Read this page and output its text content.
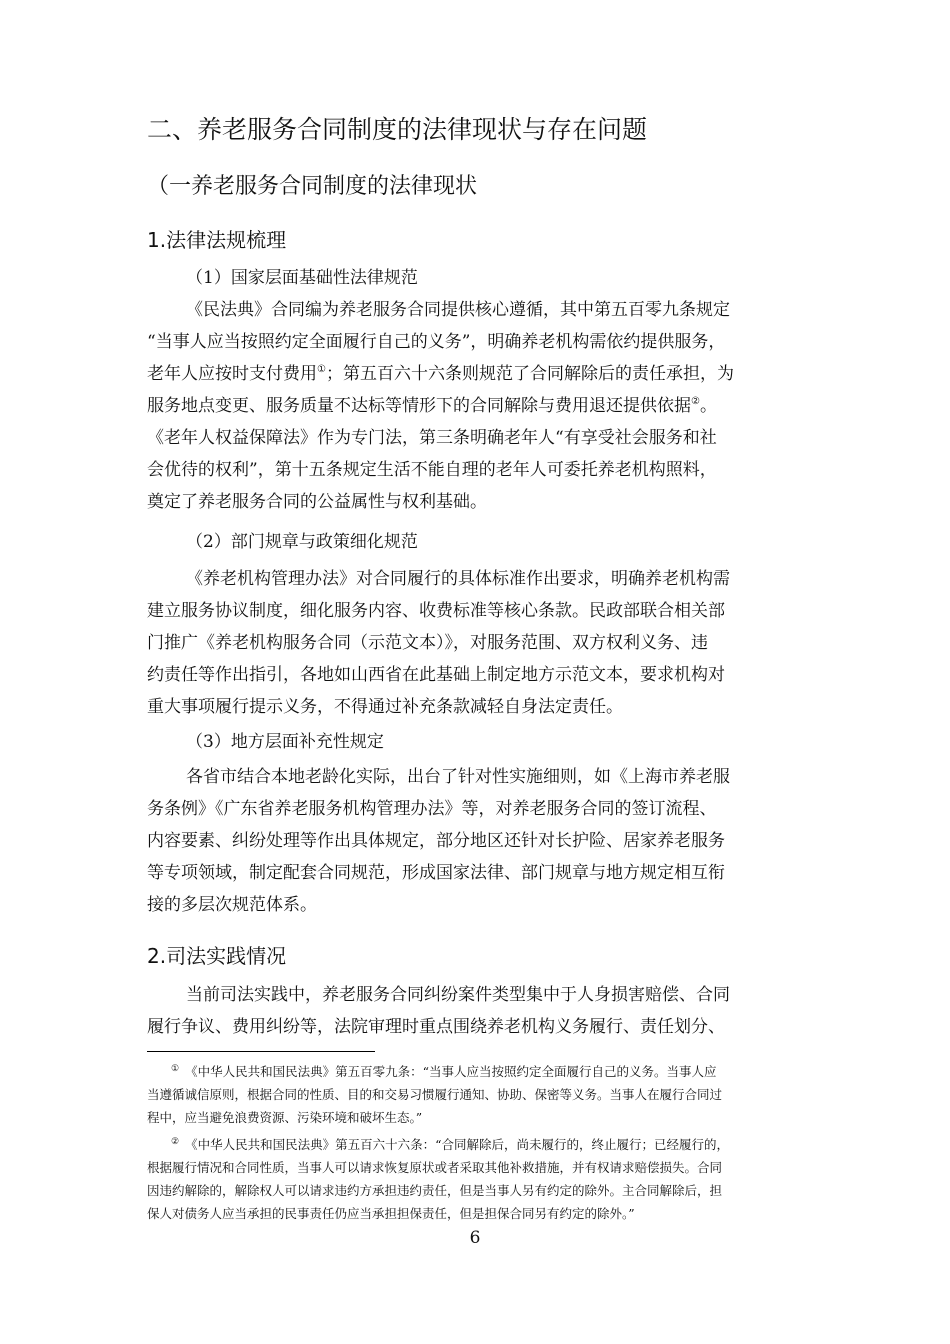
二、养老服务合同制度的法律现状与存在问题
（一养老服务合同制度的法律现状
1.法律法规梳理
（1）国家层面基础性法律规范
《民法典》合同编为养老服务合同提供核心遵循，其中第五百零九条规定
“当事人应当按照约定全面履行自己的义务”，明确养老机构需依约提供服务，
老年人应按时支付费用①；第五百六十六条则规范了合同解除后的责任承担，为
服务地点变更、服务质量不达标等情形下的合同解除与费用退还提供依据②。
《老年人权益保障法》作为专门法，第三条明确老年人“有享受社会服务和社
会优待的权利”，第十五条规定生活不能自理的老年人可委托养老机构照料，
奠定了养老服务合同的公益属性与权利基础。
（2）部门规章与政策细化规范
《养老机构管理办法》对合同履行的具体标准作出要求，明确养老机构需
建立服务协议制度，细化服务内容、收费标准等核心条款。民政部联合相关部
门推广《养老机构服务合同（示范文本）》，对服务范围、双方权利义务、违
约责任等作出指引，各地如山西省在此基础上制定地方示范文本，要求机构对
重大事项履行提示义务，不得通过补充条款减轻自身法定责任。
（3）地方层面补充性规定
各省市结合本地老龄化实际，出台了针对性实施细则，如《上海市养老服
务条例》《广东省养老服务机构管理办法》等，对养老服务合同的签订流程、
内容要素、纠纷处理等作出具体规定，部分地区还针对长护险、居家养老服务
等专项领域，制定配套合同规范，形成国家法律、部门规章与地方规定相互衔
接的多层次规范体系。
2.司法实践情况
当前司法实践中，养老服务合同纠纷案件类型集中于人身损害赔偿、合同
履行争议、费用纠纷等，法院审理时重点围绕养老机构义务履行、责任划分、
① 《中华人民共和国民法典》第五百零九条：“当事人应当按照约定全面履行自己的义务。当事人应
当遵循诚信原则，根据合同的性质、目的和交易习惯履行通知、协助、保密等义务。当事人在履行合同过
程中，应当避免浪费资源、污染环境和破坏生态。”
② 《中华人民共和国民法典》第五百六十六条：“合同解除后，尚未履行的，终止履行；已经履行的，
根据履行情况和合同性质，当事人可以请求恢复原状或者采取其他补救措施，并有权请求赔偿损失。合同
因违约解除的，解除权人可以请求违约方承担违约责任，但是当事人另有约定的除外。主合同解除后，担
保人对债务人应当承担的民事责任仍应当承担担保责任，但是担保合同另有约定的除外。”
6
